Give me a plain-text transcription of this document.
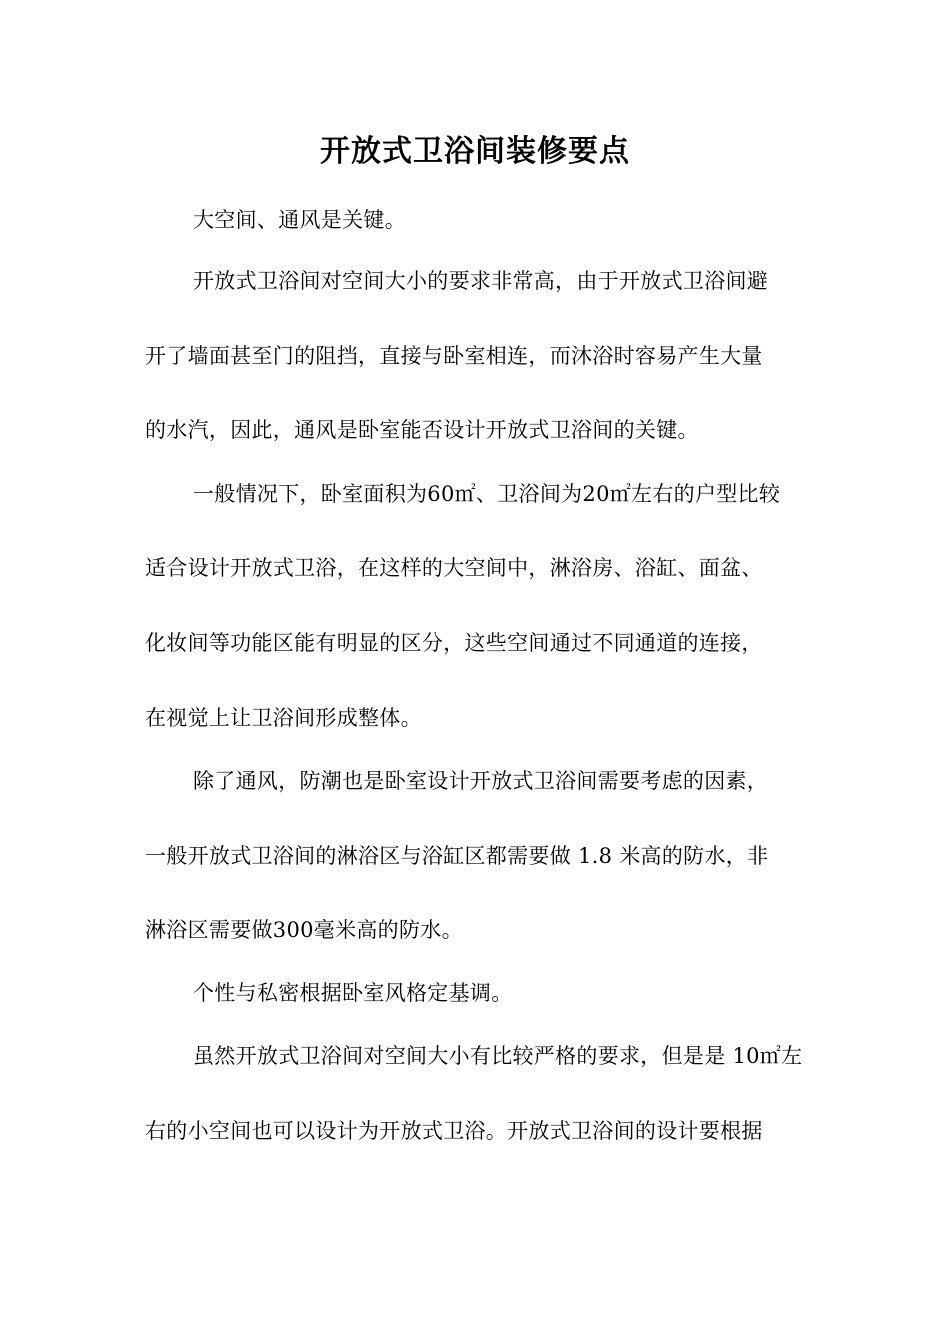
开放式卫浴间装修要点
大空间、通风是关键。
开放式卫浴间对空间大小的要求非常高，由于开放式卫浴间避
开了墙面甚至门的阻挡，直接与卧室相连，而沐浴时容易产生大量
的水汽，因此，通风是卧室能否设计开放式卫浴间的关键。
一般情况下，卧室面积为60㎡、卫浴间为20㎡左右的户型比较
适合设计开放式卫浴，在这样的大空间中，淋浴房、浴缸、面盆、
化妆间等功能区能有明显的区分，这些空间通过不同通道的连接，
在视觉上让卫浴间形成整体。
除了通风，防潮也是卧室设计开放式卫浴间需要考虑的因素，
一般开放式卫浴间的淋浴区与浴缸区都需要做 1.8 米高的防水，非
淋浴区需要做300毫米高的防水。
个性与私密根据卧室风格定基调。
虽然开放式卫浴间对空间大小有比较严格的要求，但是是 10㎡左
右的小空间也可以设计为开放式卫浴。开放式卫浴间的设计要根据
